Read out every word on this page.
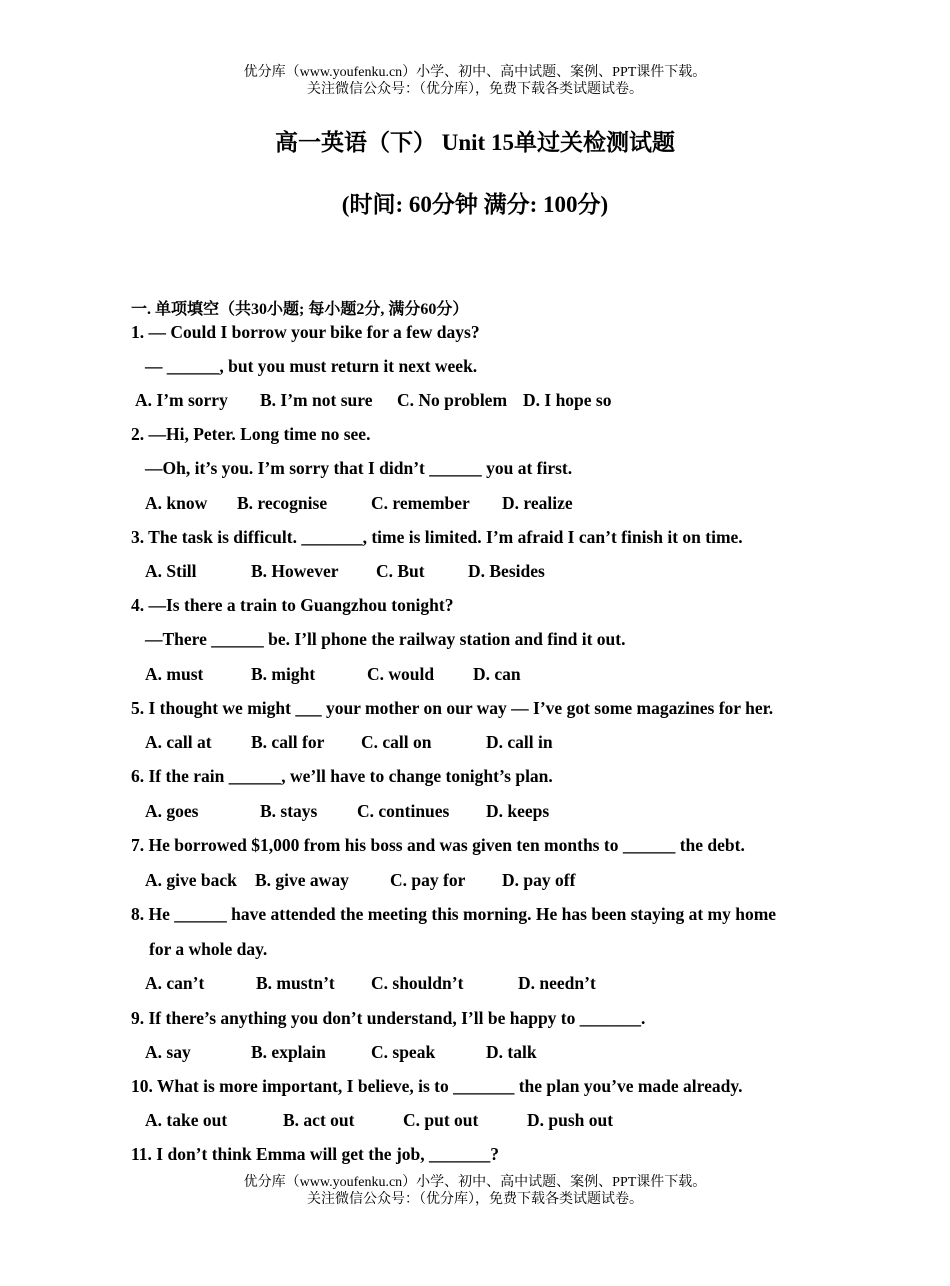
优分库（www.youfenku.cn）小学、初中、高中试题、案例、PPT课件下载。
关注微信公众号：（优分库），免费下载各类试题试卷。
高一英语（下） Unit 15单过关检测试题
(时间: 60分钟 满分: 100分)
一. 单项填空（共30小题; 每小题2分, 满分60分）
1. — Could I borrow your bike for a few days?
— ______, but you must return it next week.
A. I’m sorry B. I’m not sure C. No problem D. I hope so
2. —Hi, Peter. Long time no see.
—Oh, it’s you. I’m sorry that I didn’t ______ you at first.
A. know B. recognise	C. remember D. realize
3. The task is difficult. _______, time is limited. I’m afraid I can’t finish it on time.
A. Still	B. However C. But D. Besides
4. —Is there a train to Guangzhou tonight?
—There ______ be. I’ll phone the railway station and find it out.
A. must	B. might	C. would D. can
5. I thought we might ___ your mother on our way — I’ve got some magazines for her.
A. call at B. call for C. call on	D. call in
6. If the rain ______, we’ll have to change tonight’s plan.
A. goes	B. stays C. continues D. keeps
7. He borrowed $1,000 from his boss and was given ten months to ______ the debt.
A. give back B. give away C. pay for D. pay off
8. He ______ have attended the meeting this morning. He has been staying at my home
for a whole day.
A. can’t	B. mustn’t C. shouldn’t	D. needn’t
9. If there’s anything you don’t understand, I’ll be happy to _______.
A. say	B. explain	C. speak	D. talk
10. What is more important, I believe, is to _______ the plan you’ve made already.
A. take out	B. act out	C. put out	D. push out
11. I don’t think Emma will get the job, _______?
优分库（www.youfenku.cn）小学、初中、高中试题、案例、PPT课件下载。
关注微信公众号：（优分库），免费下载各类试题试卷。
